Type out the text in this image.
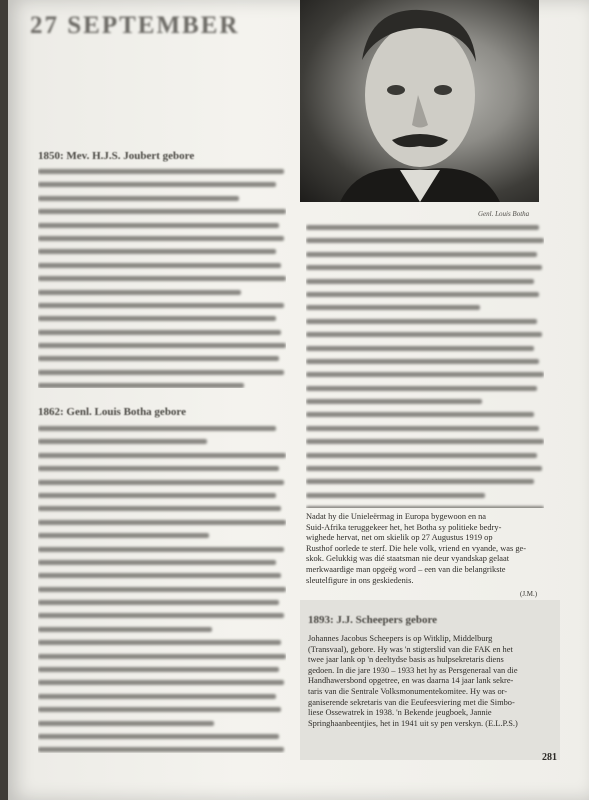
27 SEPTEMBER
1850: Mev. H.J.S. Joubert gebore
1862: Genl. Louis Botha gebore
Genl. Louis Botha

Nadat hy die Unieleërmag in Europa bygewoon en na
Suid-Afrika teruggekeer het, het Botha sy politieke bedry-
wighede hervat, net om skielik op 27 Augustus 1919 op
Rusthof oorlede te sterf. Die hele volk, vriend en vyande, was ge-
skok. Gelukkig was dié staatsman nie deur vyandskap gelaat
merkwaardige man opgeëg word – een van die belangrikste
sleutelfigure in ons geskiedenis.

(J.M.)
1893: J.J. Scheepers gebore

Johannes Jacobus Scheepers is op Witklip, Middelburg
(Transvaal), gebore. Hy was 'n stigterslid van die FAK en het
twee jaar lank op 'n deeltydse basis as hulpsekretaris diens
gedoen. In die jare 1930 – 1933 het hy as Persgeneraal van die
Handhawersbond opgetree, en was daarna 14 jaar lank sekre-
taris van die Sentrale Volksmonumentekomitee. Hy was or-
ganiserende sekretaris van die Eeufeesviering met die Simbo-
liese Ossewatrek in 1938. 'n Bekende jeugboek, Jannie
Springhaanbeentjies, het in 1941 uit sy pen verskyn. (E.L.P.S.)

281
